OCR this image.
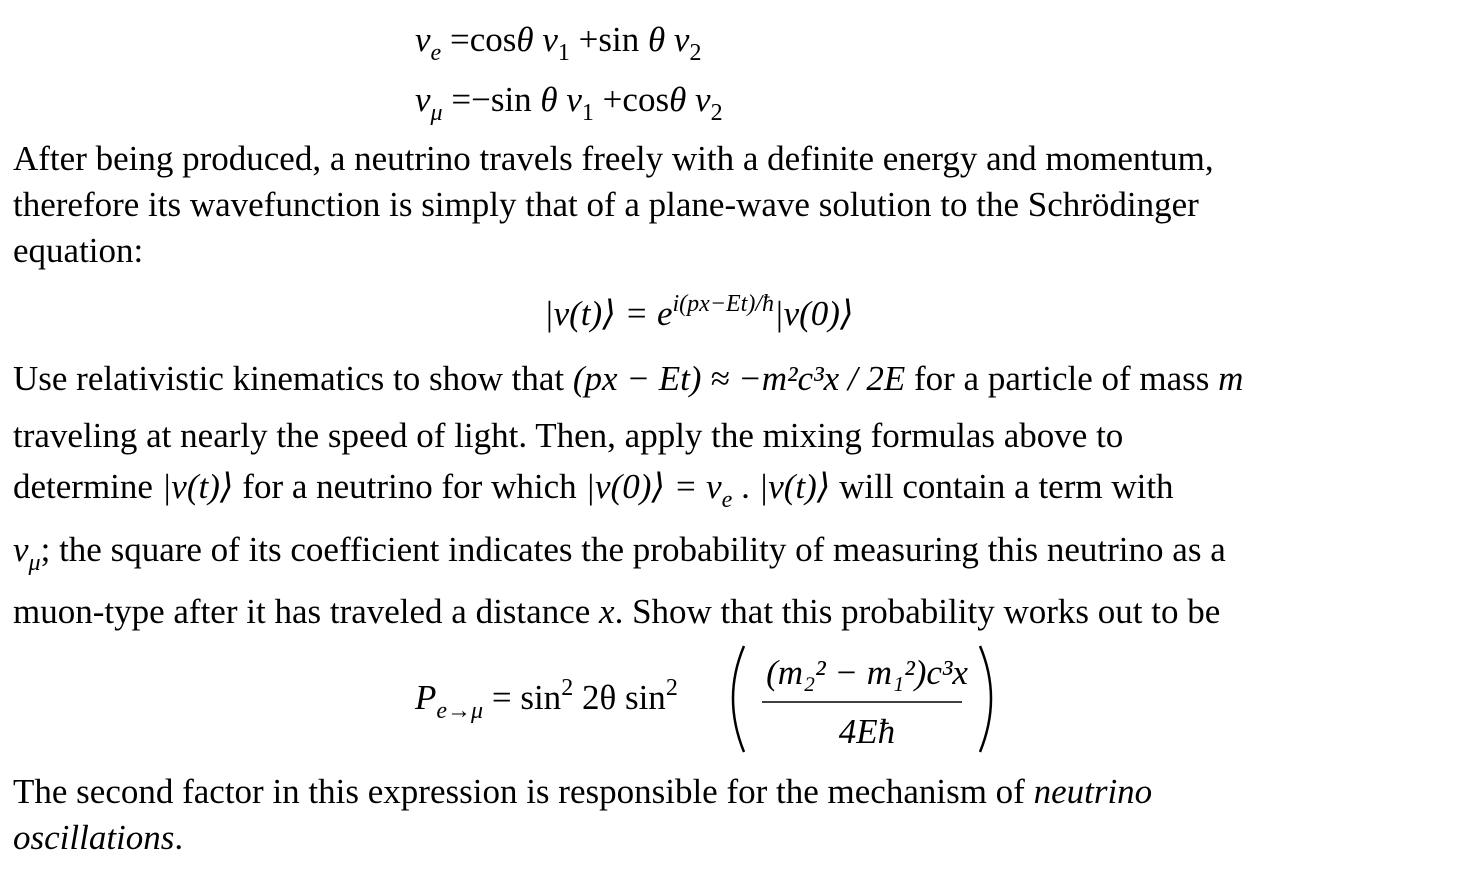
$\nu_e =\cos\theta$ $\nu_1 +\sin$ θ $\nu_2$
$\nu_\mu =-\sin$ θ $\nu_1 +\cos\theta$ $\nu_2$
After being produced, a neutrino travels freely with a definite energy and momentum,
therefore its wavefunction is simply that of a plane-wave solution to the Schrödinger
equation:
|ν(t)⟩ = $e^{i(px-Et)/ħ}|\nu(0)⟩$
Use relativistic kinematics to show that (px − Et) ≈ −m²c³x / 2E for a particle of mass m
traveling at nearly the speed of light. Then, apply the mixing formulas above to
determine |ν(t)⟩ for a neutrino for which |ν(0)⟩ = $\nu_e$ . |ν(t)⟩ will contain a term with
$\nu_\mu$; the square of its coefficient indicates the probability of measuring this neutrino as a
muon-type after it has traveled a distance x. Show that this probability works out to be
$P_{e\to\mu} = \sin^2 2\theta$ $\sin^2$	(m₂² − m₁²)c³x
4Eħ
The second factor in this expression is responsible for the mechanism of neutrino
oscillations.
